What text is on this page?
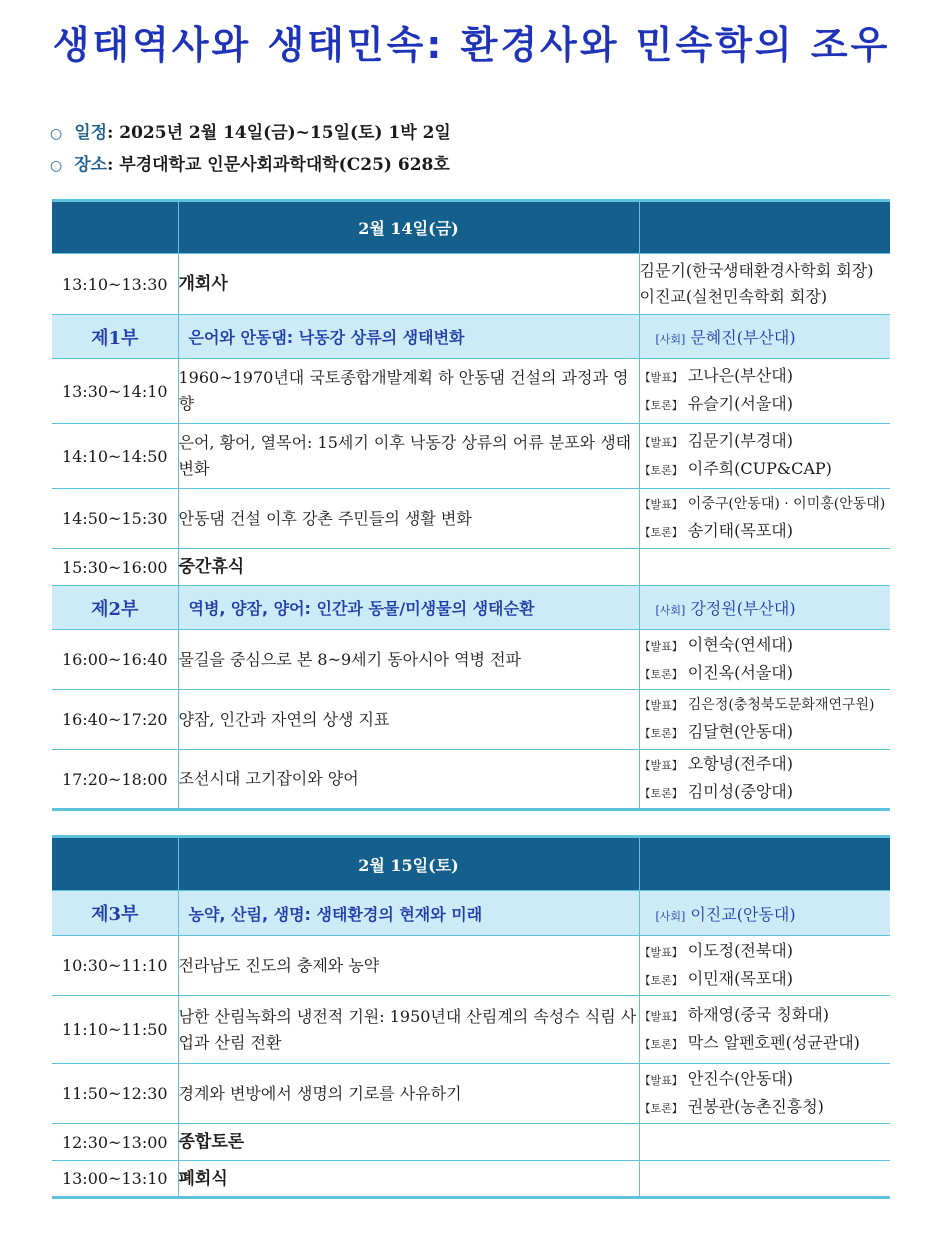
생태역사와 생태민속: 환경사와 민속학의 조우
○ 일정: 2025년 2월 14일(금)~15일(토) 1박 2일
○ 장소: 부경대학교 인문사회과학대학(C25) 628호
	2월 14일(금)	
13:10~13:30	개회사	김문기(한국생태환경사학회 회장)
이진교(실천민속학회 회장)

제1부	은어와 안동댐: 낙동강 상류의 생태변화	[사회] 문혜진(부산대)
13:30~14:10	1960~1970년대 국토종합개발계획 하 안동댐 건설의 과정과 영향	【발표】 고나은(부산대)
【토론】 유슬기(서울대)

14:10~14:50	은어, 황어, 열목어: 15세기 이후 낙동강 상류의 어류 분포와 생태변화	【발표】 김문기(부경대)
【토론】 이주희(CUP&CAP)

14:50~15:30	안동댐 건설 이후 강촌 주민들의 생활 변화	【발표】 이중구(안동대) · 이미홍(안동대)
【토론】 송기태(목포대)

15:30~16:00	중간휴식	
제2부	역병, 양잠, 양어: 인간과 동물/미생물의 생태순환	[사회] 강정원(부산대)
16:00~16:40	물길을 중심으로 본 8~9세기 동아시아 역병 전파	【발표】 이현숙(연세대)
【토론】 이진옥(서울대)

16:40~17:20	양잠, 인간과 자연의 상생 지표	【발표】 김은정(충청북도문화재연구원)
【토론】 김달현(안동대)

17:20~18:00	조선시대 고기잡이와 양어	【발표】 오항녕(전주대)
【토론】 김미성(중앙대)
	2월 15일(토)	
제3부	농약, 산림, 생명: 생태환경의 현재와 미래	[사회] 이진교(안동대)
10:30~11:10	전라남도 진도의 충제와 농약	【발표】 이도정(전북대)
【토론】 이민재(목포대)

11:10~11:50	남한 산림녹화의 냉전적 기원: 1950년대 산림계의 속성수 식림 사업과 산림 전환	【발표】 하재영(중국 칭화대)
【토론】 막스 알펜호펜(성균관대)

11:50~12:30	경계와 변방에서 생명의 기로를 사유하기	【발표】 안진수(안동대)
【토론】 권봉관(농촌진흥청)

12:30~13:00	종합토론	
13:00~13:10	폐회식	
